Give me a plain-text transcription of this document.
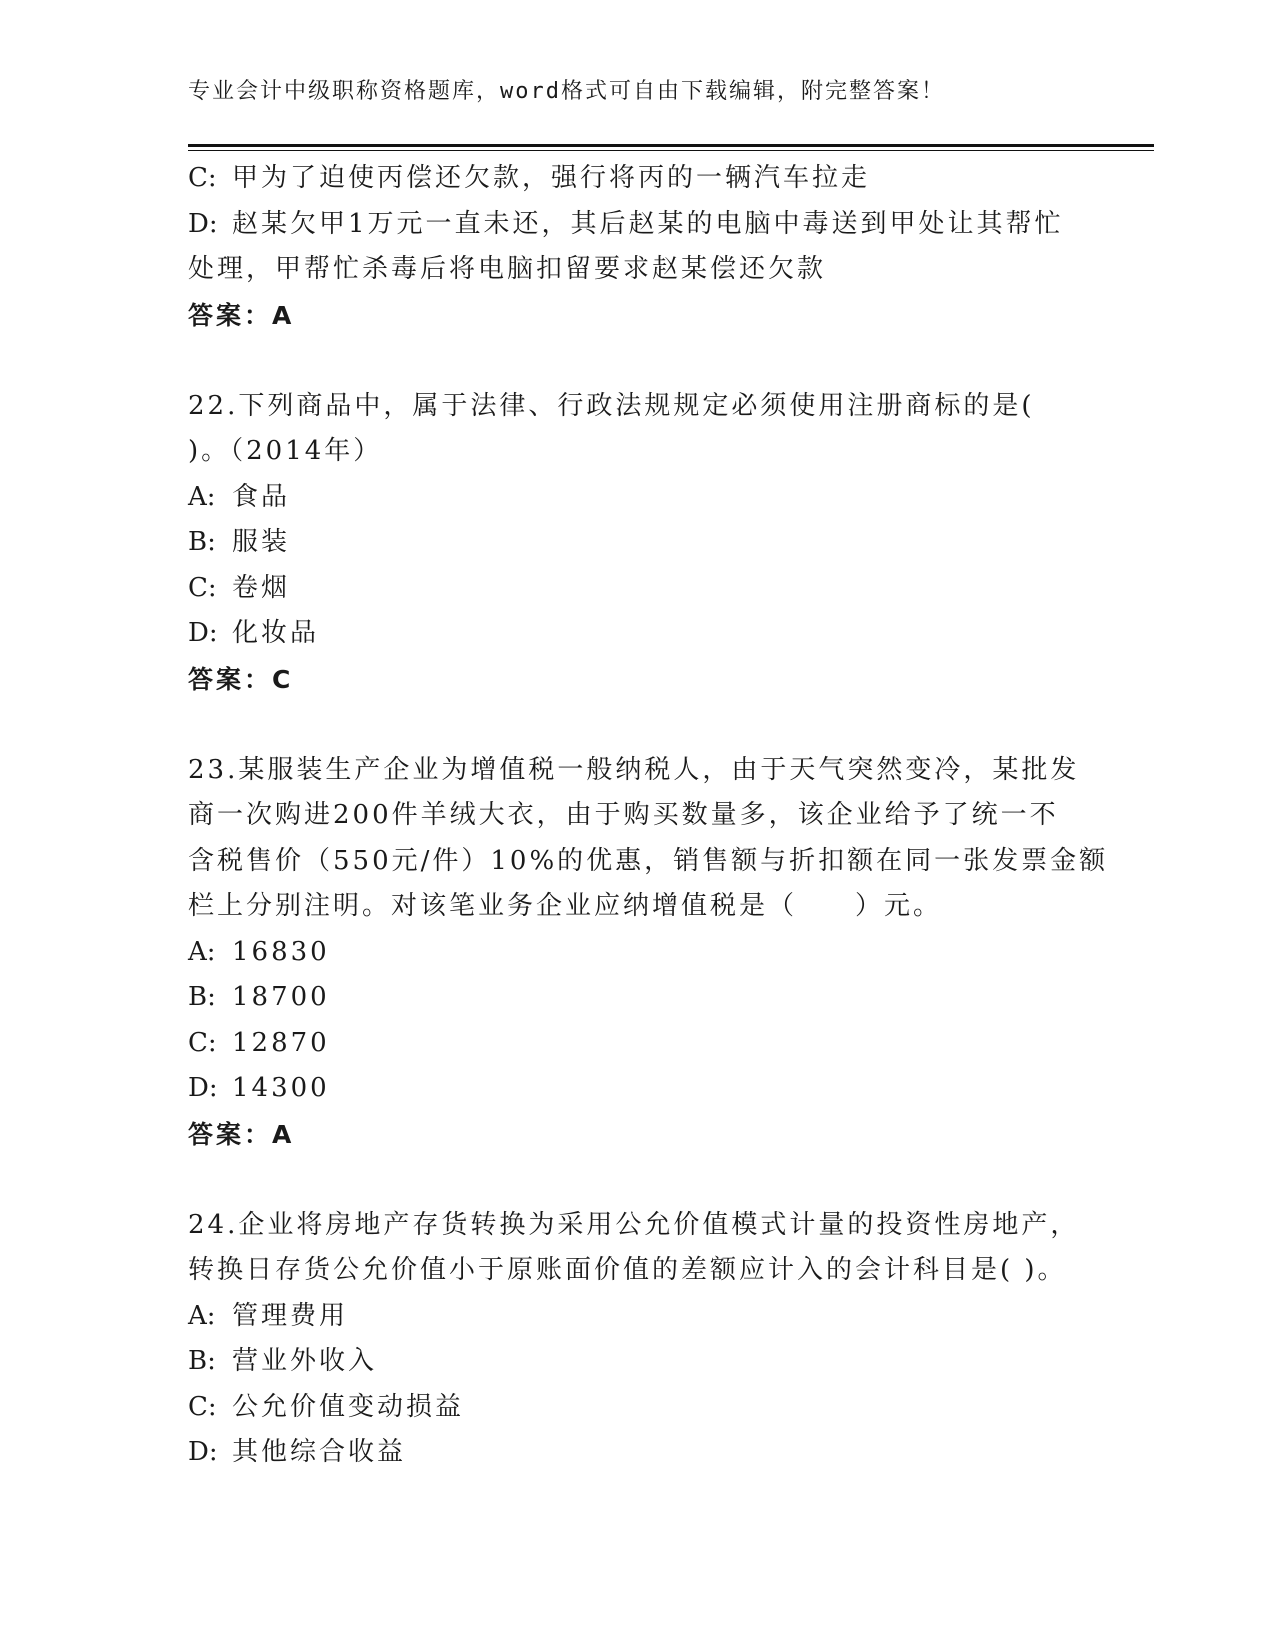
专业会计中级职称资格题库，word格式可自由下载编辑，附完整答案！
C: 甲为了迫使丙偿还欠款，强行将丙的一辆汽车拉走
D: 赵某欠甲1万元一直未还，其后赵某的电脑中毒送到甲处让其帮忙
处理，甲帮忙杀毒后将电脑扣留要求赵某偿还欠款
答案：A
22.下列商品中，属于法律、行政法规规定必须使用注册商标的是(
)。（2014年）
A: 食品
B: 服装
C: 卷烟
D: 化妆品
答案：C
23.某服装生产企业为增值税一般纳税人，由于天气突然变冷，某批发
商一次购进200件羊绒大衣，由于购买数量多，该企业给予了统一不
含税售价（550元/件）10%的优惠，销售额与折扣额在同一张发票金额
栏上分别注明。对该笔业务企业应纳增值税是（　　）元。
A: 16830
B: 18700
C: 12870
D: 14300
答案：A
24.企业将房地产存货转换为采用公允价值模式计量的投资性房地产，
转换日存货公允价值小于原账面价值的差额应计入的会计科目是( )。
A: 管理费用
B: 营业外收入
C: 公允价值变动损益
D: 其他综合收益
